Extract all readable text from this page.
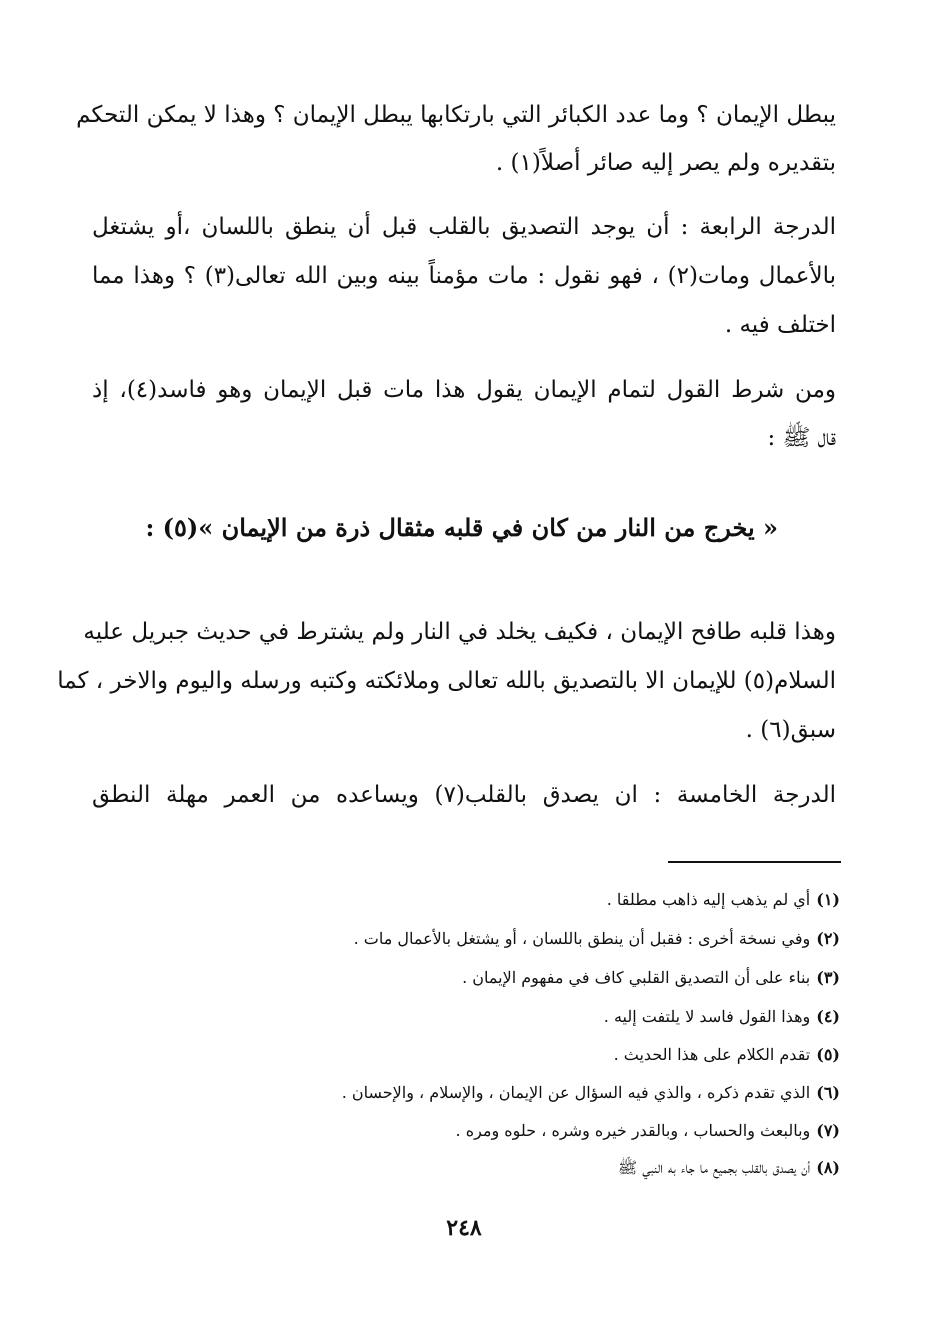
يبطل الإيمان ؟ وما عدد الكبائر التي بارتكابها يبطل الإيمان ؟ وهذا لا يمكن التحكم
بتقديره ولم يصر إليه صائر أصلاً(١) .
الدرجة الرابعة : أن يوجد التصديق بالقلب قبل أن ينطق باللسان ،أو يشتغل
بالأعمال ومات(٢) ، فهو نقول : مات مؤمناً بينه وبين الله تعالى(٣) ؟ وهذا مما
اختلف فيه .
ومن شرط القول لتمام الإيمان يقول هذا مات قبل الإيمان وهو فاسد(٤)، إذ
قال ﷺ :
« يخرج من النار من كان في قلبه مثقال ذرة من الإيمان »(٥) :
وهذا قلبه طافح الإيمان ، فكيف يخلد في النار ولم يشترط في حديث جبريل عليه
السلام(٥) للإيمان الا بالتصديق بالله تعالى وملائكته وكتبه ورسله واليوم والاخر ، كما
سبق(٦) .
الدرجة الخامسة : ان يصدق بالقلب(٧) ويساعده من العمر مهلة النطق
(١)أي لم يذهب إليه ذاهب مطلقا .
(٢)وفي نسخة أخرى : فقبل أن ينطق باللسان ، أو يشتغل بالأعمال مات .
(٣)بناء على أن التصديق القلبي كاف في مفهوم الإيمان .
(٤)وهذا القول فاسد لا يلتفت إليه .
(٥)تقدم الكلام على هذا الحديث .
(٦)الذي تقدم ذكره ، والذي فيه السؤال عن الإيمان ، والإسلام ، والإحسان .
(٧)وبالبعث والحساب ، وبالقدر خيره وشره ، حلوه ومره .
(٨)أن يصدق بالقلب بجميع ما جاء به النبي ﷺ
٢٤٨
